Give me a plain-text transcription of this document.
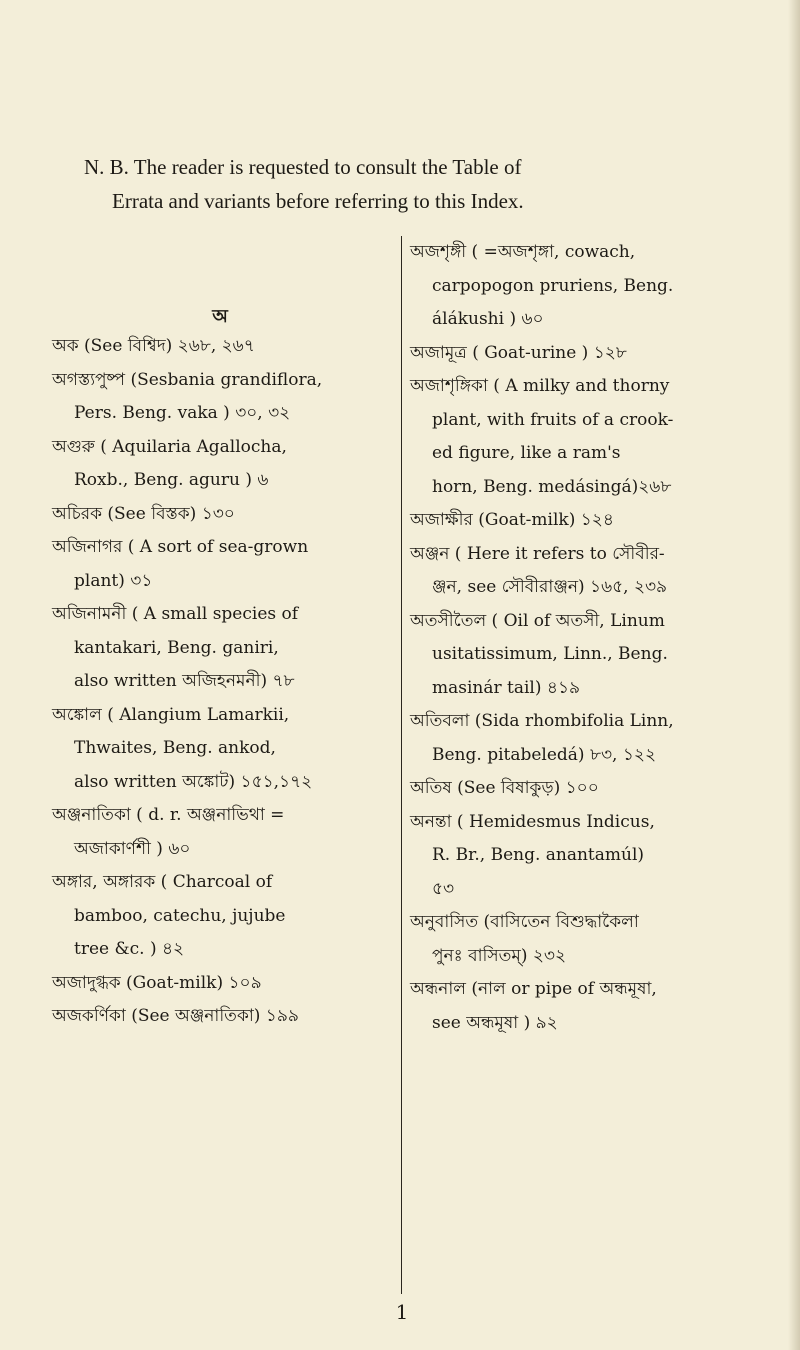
N. B. The reader is requested to consult the Table of
Errata and variants before referring to this Index.
অ
অক (See বিশ্বিদ) ২৬৮, ২৬৭
অগস্ত্যপুষ্প (Sesbania grandiflora,
Pers. Beng. vaka ) ৩০, ৩২
অগুরু ( Aquilaria Agallocha,
Roxb., Beng. aguru ) ৬
অচিরক (See বিস্তক) ১৩০
অজিনাগর ( A sort of sea-grown
plant) ৩১
অজিনামনী ( A small species of
kantakari, Beng. ganiri,
also written অজিহনমনী) ৭৮
অঙ্কোল ( Alangium Lamarkii,
Thwaites, Beng. ankod,
also written অঙ্কোট) ১৫১,১৭২
অঞ্জনাতিকা ( d. r. অঞ্জনাভিথা =
অজাকার্ণশী ) ৬০
অঙ্গার, অঙ্গারক ( Charcoal of
bamboo, catechu, jujube
tree &c. ) ৪২
অজাদুগ্ধক (Goat-milk) ১০৯
অজকর্ণিকা (See অঞ্জনাতিকা) ১৯৯
অজশৃঙ্গী ( =অজশৃঙ্গা, cowach,
carpopogon pruriens, Beng.
álákushi ) ৬০
অজামূত্র ( Goat-urine ) ১২৮
অজাশৃঙ্গিকা ( A milky and thorny
plant, with fruits of a crook-
ed figure, like a ram's
horn, Beng. medásingá)২৬৮
অজাক্ষীর (Goat-milk) ১২৪
অঞ্জন ( Here it refers to সৌবীর-
ঞ্জন, see সৌবীরাঞ্জন) ১৬৫, ২৩৯
অতসীতৈল ( Oil of অতসী, Linum
usitatissimum, Linn., Beng.
masinár tail) ৪১৯
অতিবলা (Sida rhombifolia Linn,
Beng. pitabeledá) ৮৩, ১২২
অতিষ (See বিষাকুড়) ১০০
অনন্তা ( Hemidesmus Indicus,
R. Br., Beng. anantamúl)
৫৩
অনুবাসিত (বাসিতেন বিশুদ্ধাকৈলা
পুনঃ বাসিতম্) ২৩২
অন্ধনাল (নাল or pipe of অন্ধমূষা,
see অন্ধমূষা ) ৯২
1
